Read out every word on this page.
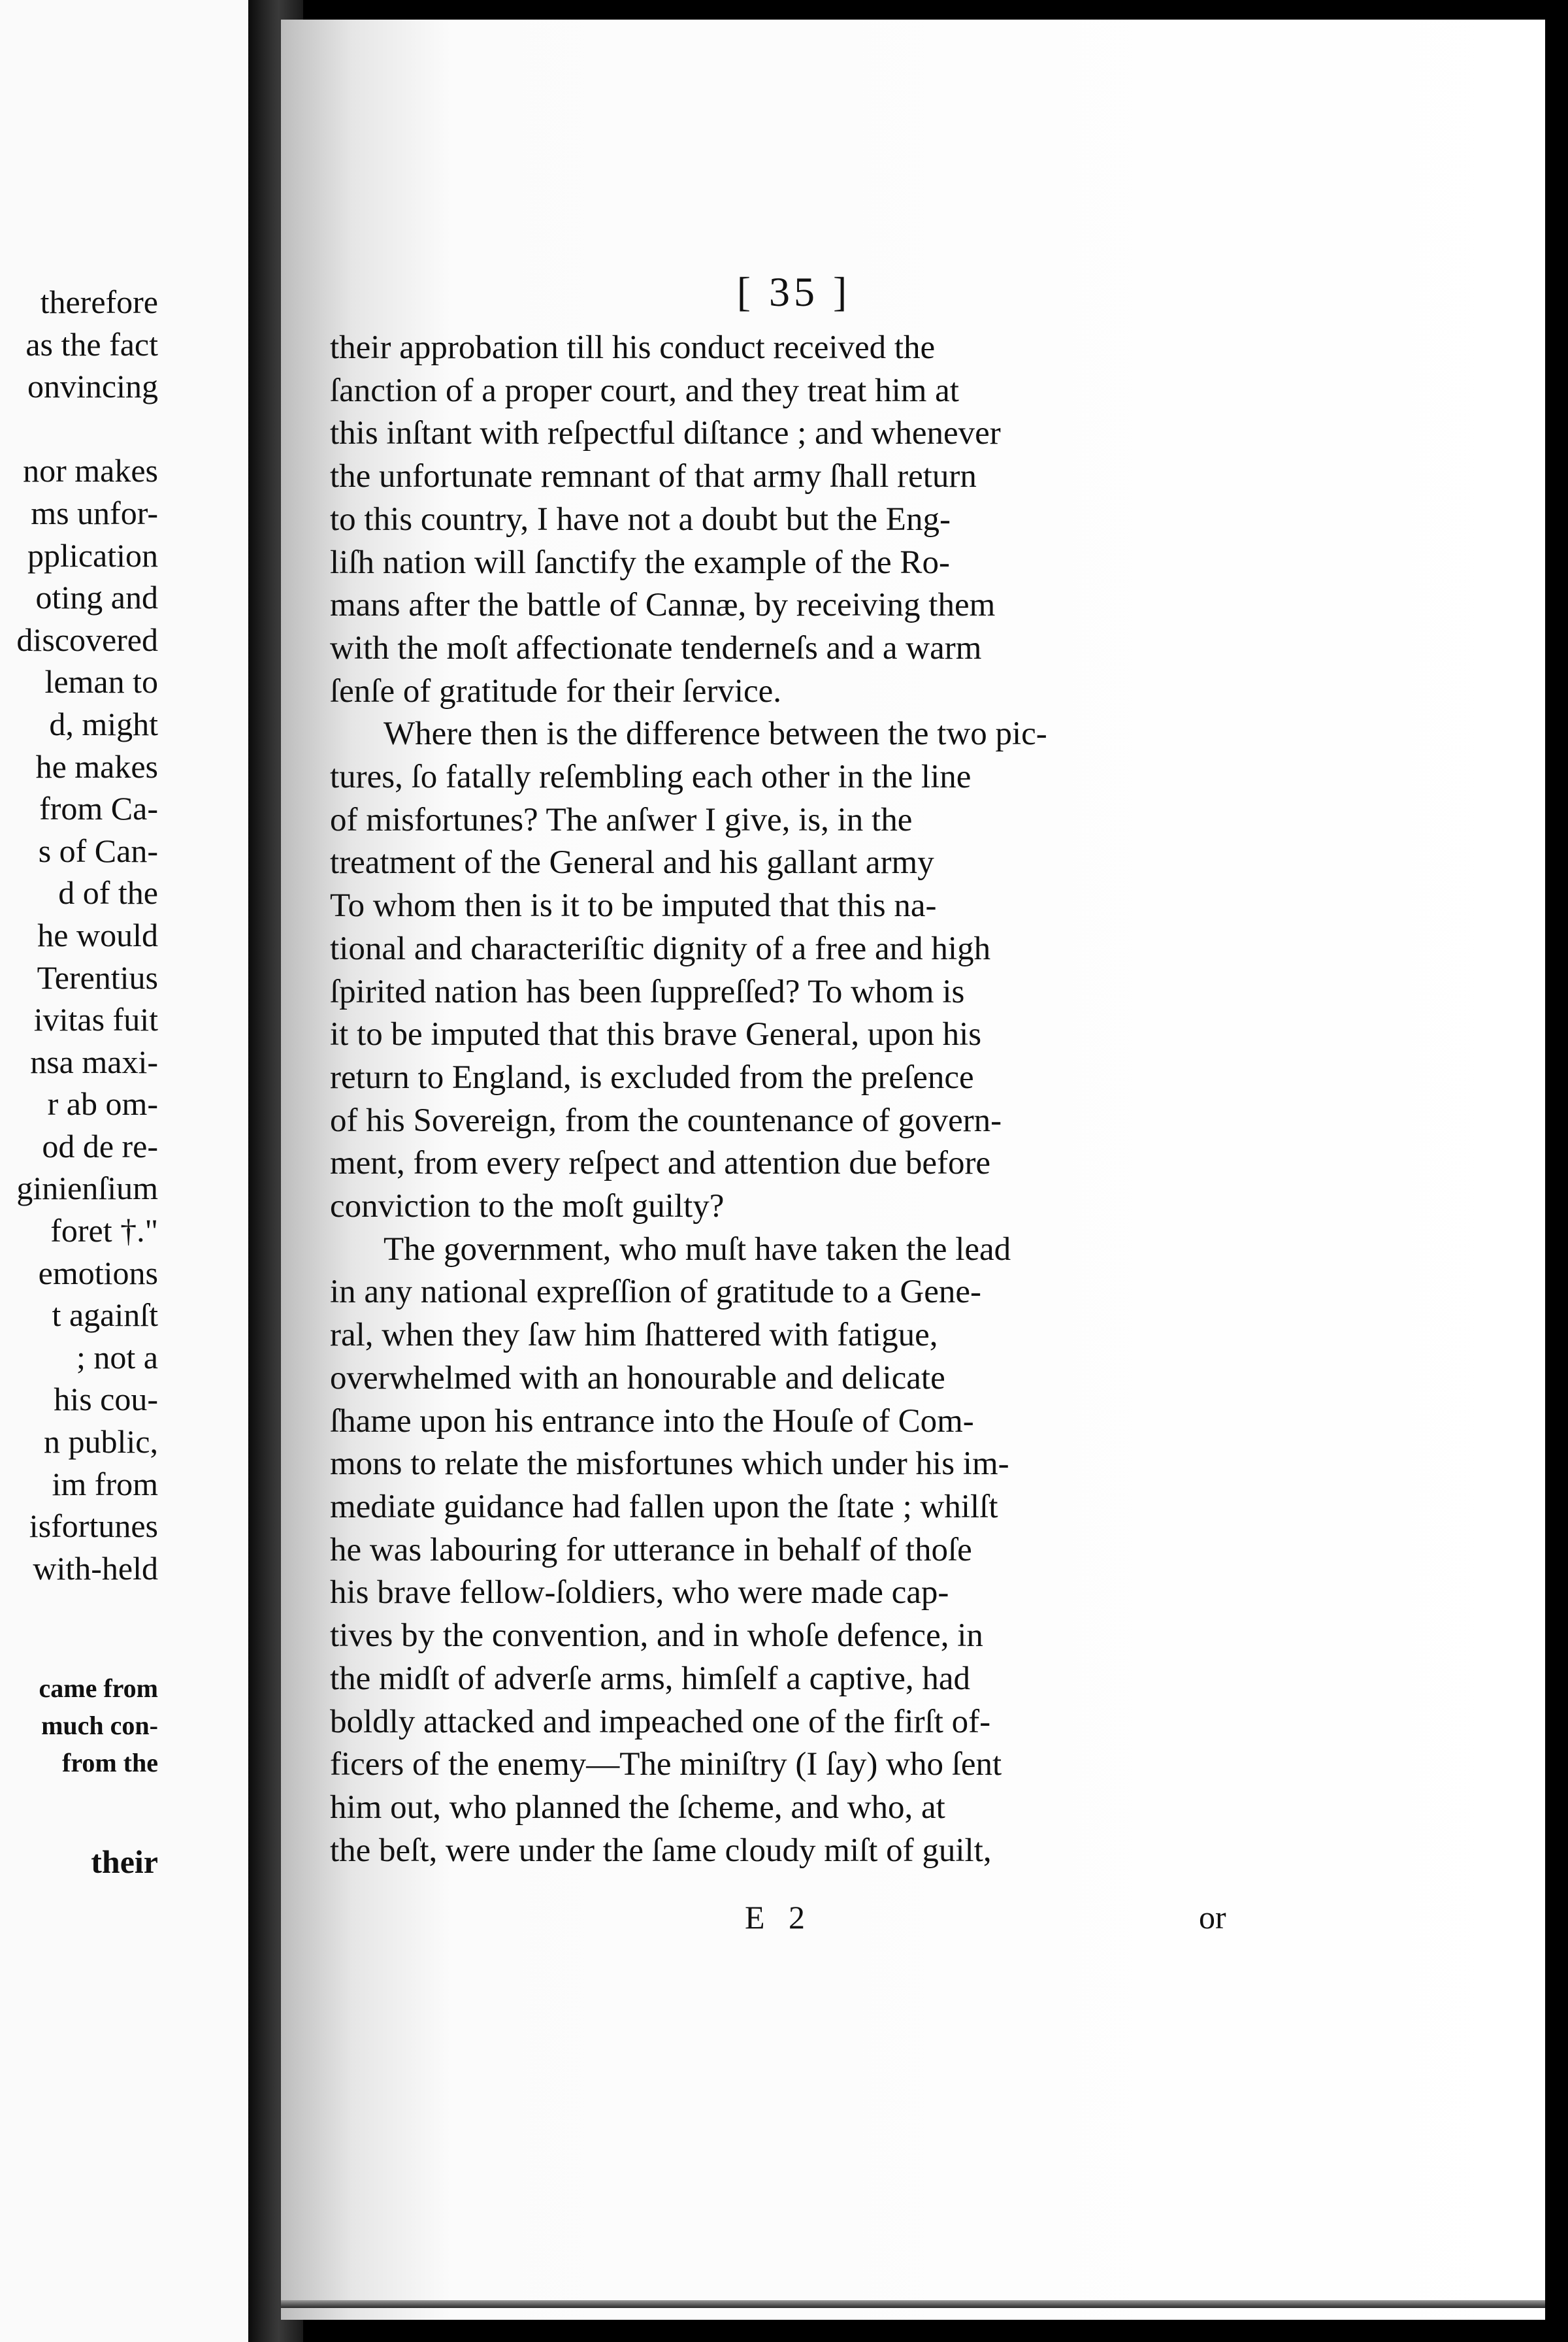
therefore
as the fact
onvincing

nor makes
ms unfor-
pplication
oting and
discovered
leman to
d, might
he makes
from Ca-
s of Can-
d of the
he would
Terentius
ivitas fuit
nsa maxi-
r ab om-
od de re-
ginienſium
foret †."
emotions
t againſt
; not a
his cou-
n public,
im from
isfortunes
with-held
came from
much con-
from the
their
[ 35 ]
their approbation till his conduct received the
ſanction of a proper court, and they treat him at
this inſtant with reſpectful diſtance ; and whenever
the unfortunate remnant of that army ſhall return
to this country, I have not a doubt but the Eng-
liſh nation will ſanctify the example of the Ro-
mans after the battle of Cannæ, by receiving them
with the moſt affectionate tenderneſs and a warm
ſenſe of gratitude for their ſervice.
Where then is the difference between the two pic-
tures, ſo fatally reſembling each other in the line
of misfortunes? The anſwer I give, is, in the
treatment of the General and his gallant army
To whom then is it to be imputed that this na-
tional and characteriſtic dignity of a free and high
ſpirited nation has been ſuppreſſed? To whom is
it to be imputed that this brave General, upon his
return to England, is excluded from the preſence
of his Sovereign, from the countenance of govern-
ment, from every reſpect and attention due before
conviction to the moſt guilty?
The government, who muſt have taken the lead
in any national expreſſion of gratitude to a Gene-
ral, when they ſaw him ſhattered with fatigue,
overwhelmed with an honourable and delicate
ſhame upon his entrance into the Houſe of Com-
mons to relate the misfortunes which under his im-
mediate guidance had fallen upon the ſtate ; whilſt
he was labouring for utterance in behalf of thoſe
his brave fellow-ſoldiers, who were made cap-
tives by the convention, and in whoſe defence, in
the midſt of adverſe arms, himſelf a captive, had
boldly attacked and impeached one of the firſt of-
ficers of the enemy—The miniſtry (I ſay) who ſent
him out, who planned the ſcheme, and who, at
the beſt, were under the ſame cloudy miſt of guilt,
E 2	or
